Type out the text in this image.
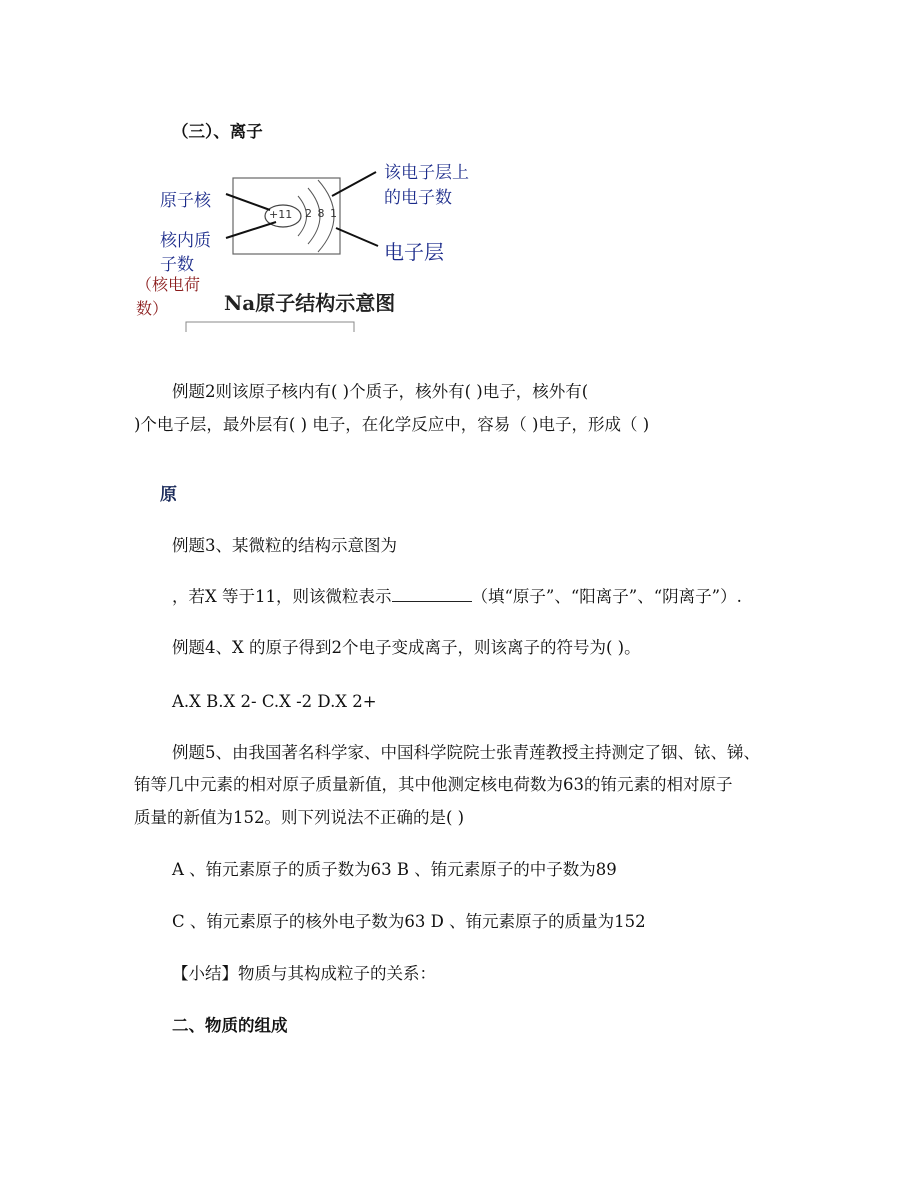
（三）、离子
+11 2 8 1
原子核
核内质
子数
（核电荷
数）
该电子层上
的电子数
电子层
Na原子结构示意图
例题2则该原子核内有( )个质子，核外有( )电子，核外有(
)个电子层，最外层有( ) 电子，在化学反应中，容易（ )电子，形成（ )
原
例题3、某微粒的结构示意图为
，若X 等于11，则该微粒表示	（填“原子”、“阳离子”、“阴离子”）.
例题4、X 的原子得到2个电子变成离子，则该离子的符号为( )。
A.X B.X 2- C.X -2 D.X 2+
例题5、由我国著名科学家、中国科学院院士张青莲教授主持测定了铟、铱、锑、
铕等几中元素的相对原子质量新值，其中他测定核电荷数为63的铕元素的相对原子
质量的新值为152。则下列说法不正确的是( )
A 、铕元素原子的质子数为63 B 、铕元素原子的中子数为89
C 、铕元素原子的核外电子数为63 D 、铕元素原子的质量为152
【小结】物质与其构成粒子的关系：
二、物质的组成
